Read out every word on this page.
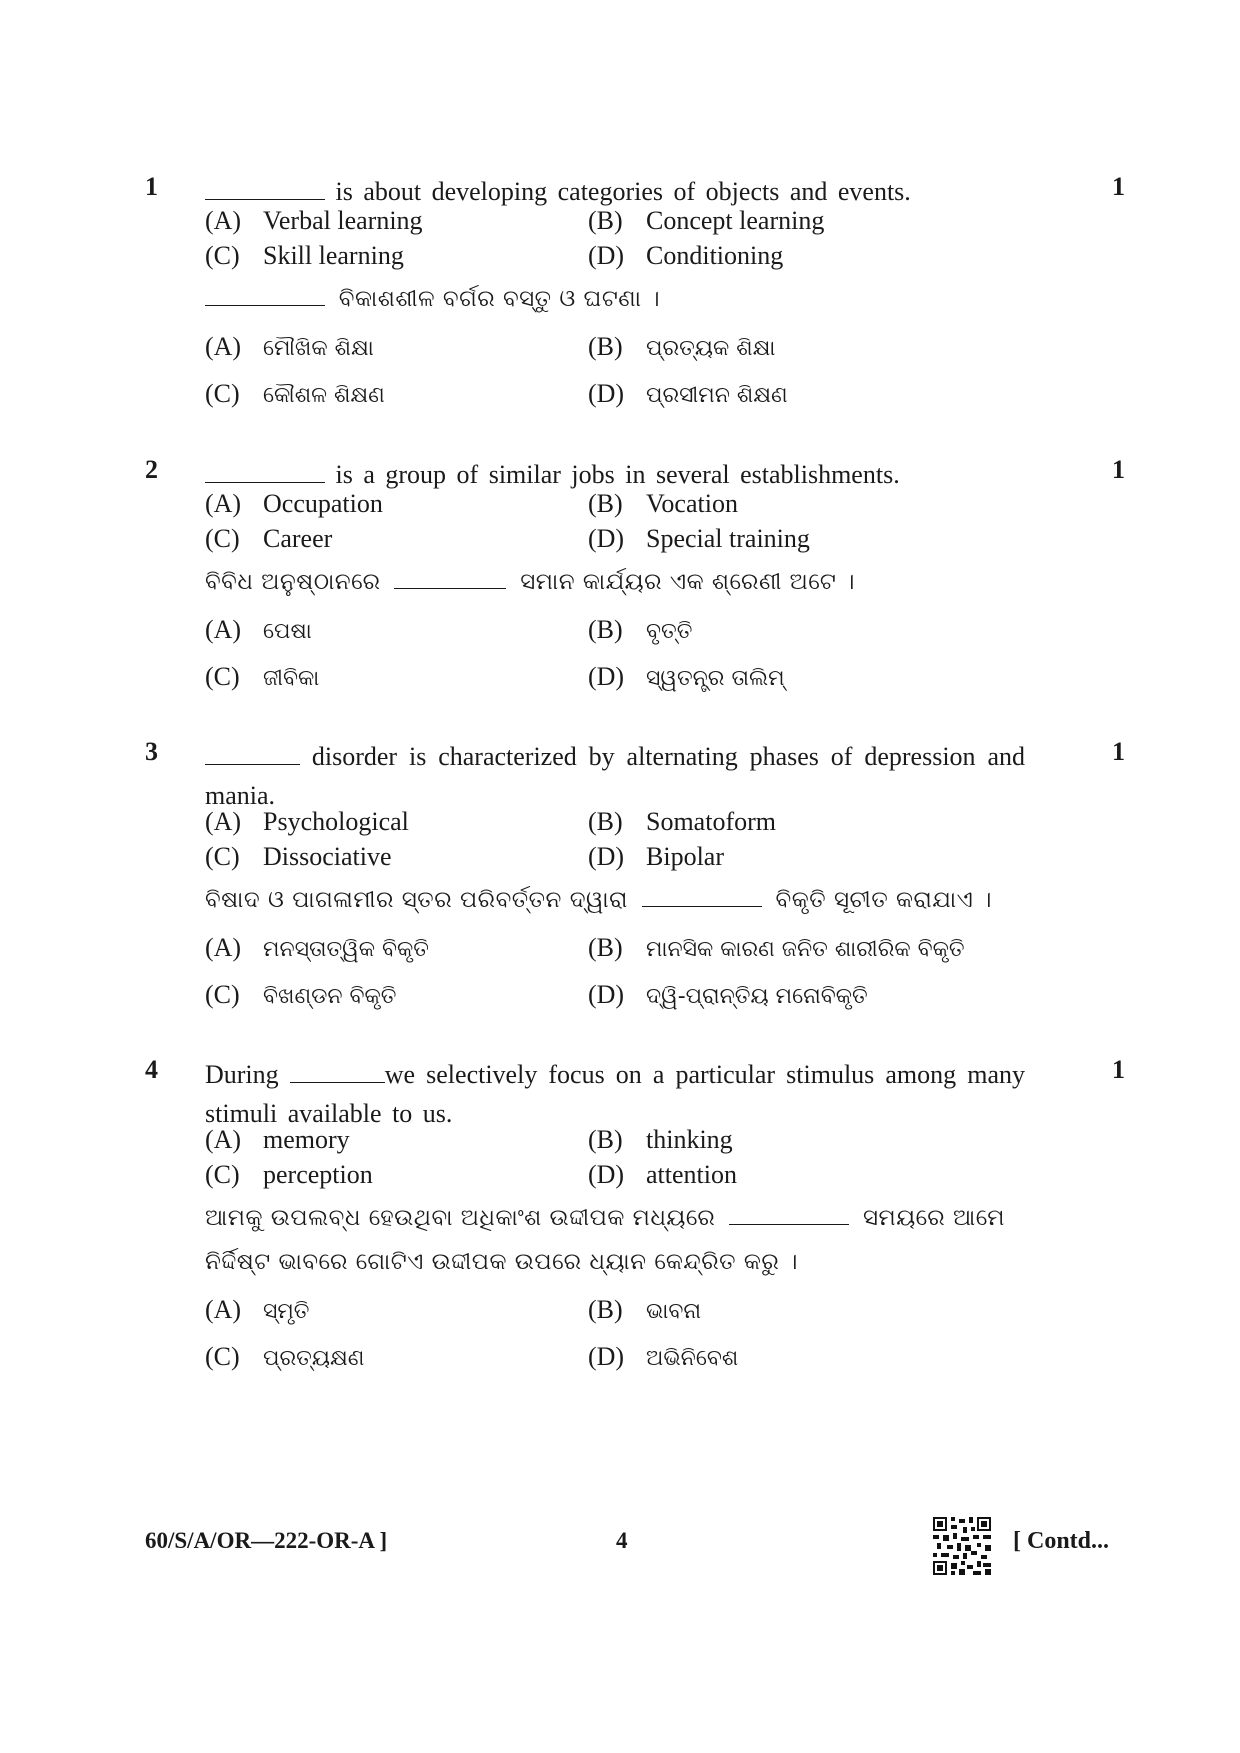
1	is about developing categories of objects and events.	1
(A) Verbal learning	(B) Concept learning
(C) Skill learning	(D) Conditioning
ବିକାଶଶୀଳ ବର୍ଗର ବସ୍ତୁ ଓ ଘଟଣା ।
(A) ମୌଖିକ ଶିକ୍ଷା	(B) ପ୍ରତ୍ୟକ ଶିକ୍ଷା
(C) କୌଶଳ ଶିକ୍ଷଣ	(D) ପ୍ରସୀମନ ଶିକ୍ଷଣ
2	is a group of similar jobs in several establishments.	1
(A) Occupation	(B) Vocation
(C) Career	(D) Special training
ବିବିଧ ଅନୁଷ୍ଠାନରେ	ସମାନ କାର୍ଯ୍ୟର ଏକ ଶ୍ରେଣୀ ଅଟେ ।
(A) ପେଷା	(B) ବୃତ୍ତି
(C) ଜୀବିକା	(D) ସ୍ୱତନ୍ତ୍ର ତାଲିମ୍
3	disorder is characterized by alternating phases of depression and mania.
1
(A) Psychological	(B) Somatoform
(C) Dissociative	(D) Bipolar
ବିଷାଦ ଓ ପାଗଳାମୀର ସ୍ତର ପରିବର୍ତ୍ତନ ଦ୍ୱାରା	ବିକୃତି ସୂଚୀତ କରାଯାଏ ।
(A) ମନସ୍ତାତ୍ୱିକ ବିକୃତି	(B) ମାନସିକ କାରଣ ଜନିତ ଶାରୀରିକ ବିକୃତି
(C) ବିଖଣ୍ଡନ ବିକୃତି	(D) ଦ୍ୱି-ପ୍ରାନ୍ତିୟ ମନୋବିକୃତି
4 During	we selectively focus on a particular stimulus among many stimuli available to us.
1
(A) memory	(B) thinking
(C) perception	(D) attention
ଆମକୁ ଉପଲବ୍ଧ ହେଉଥିବା ଅଧିକାଂଶ ଉଦ୍ଦୀପକ ମଧ୍ୟରେ	ସମୟରେ ଆମେ
ନିର୍ଦ୍ଦିଷ୍ଟ ଭାବରେ ଗୋଟିଏ ଉଦ୍ଦୀପକ ଉପରେ ଧ୍ୟାନ କେନ୍ଦ୍ରିତ କରୁ ।
(A) ସ୍ମୃତି	(B) ଭାବନା
(C) ପ୍ରତ୍ୟକ୍ଷଣ	(D) ଅଭିନିବେଶ
60/S/A/OR—222-OR-A ]	4	[ Contd...
